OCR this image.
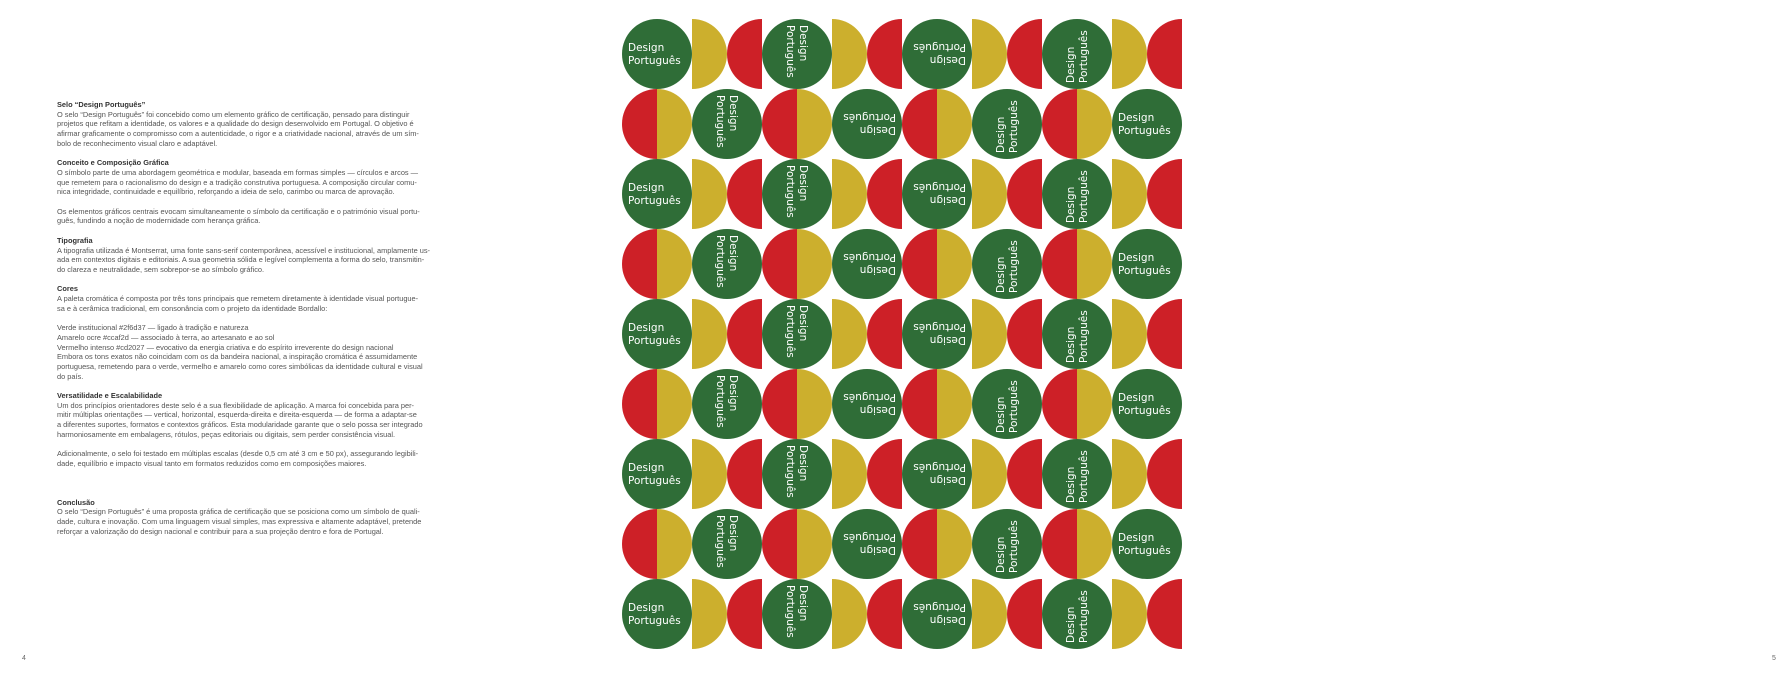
Selo “Design Português”

O selo “Design Português” foi concebido como um elemento gráfico de certificação, pensado para distinguir
projetos que refitam a identidade, os valores e a qualidade do design desenvolvido em Portugal. O objetivo é
afirmar graficamente o compromisso com a autenticidade, o rigor e a criatividade nacional, através de um sím-
bolo de reconhecimento visual claro e adaptável.

Conceito e Composição Gráfica

O símbolo parte de uma abordagem geométrica e modular, baseada em formas simples — círculos e arcos —
que remetem para o racionalismo do design e a tradição construtiva portuguesa. A composição circular comu-
nica integridade, continuidade e equilíbrio, reforçando a ideia de selo, carimbo ou marca de aprovação.

Os elementos gráficos centrais evocam simultaneamente o símbolo da certificação e o património visual portu-
guês, fundindo a noção de modernidade com herança gráfica.

Tipografia

A tipografia utilizada é Montserrat, uma fonte sans-serif contemporânea, acessível e institucional, amplamente us-
ada em contextos digitais e editoriais. A sua geometria sólida e legível complementa a forma do selo, transmitin-
do clareza e neutralidade, sem sobrepor-se ao símbolo gráfico.

Cores

A paleta cromática é composta por três tons principais que remetem diretamente à identidade visual portugue-
sa e à cerâmica tradicional, em consonância com o projeto da identidade Bordallo:

Verde institucional #2f6d37 — ligado à tradição e natureza
Amarelo ocre #ccaf2d — associado à terra, ao artesanato e ao sol
Vermelho intenso #cd2027 — evocativo da energia criativa e do espírito irreverente do design nacional
Embora os tons exatos não coincidam com os da bandeira nacional, a inspiração cromática é assumidamente
portuguesa, remetendo para o verde, vermelho e amarelo como cores simbólicas da identidade cultural e visual
do país.

Versatilidade e Escalabilidade

Um dos princípios orientadores deste selo é a sua flexibilidade de aplicação. A marca foi concebida para per-
mitir múltiplas orientações — vertical, horizontal, esquerda-direita e direita-esquerda — de forma a adaptar-se
a diferentes suportes, formatos e contextos gráficos. Esta modularidade garante que o selo possa ser integrado
harmoniosamente em embalagens, rótulos, peças editoriais ou digitais, sem perder consistência visual.

Adicionalmente, o selo foi testado em múltiplas escalas (desde 0,5 cm até 3 cm e 50 px), assegurando legibili-
dade, equilíbrio e impacto visual tanto em formatos reduzidos como em composições maiores.

Conclusão

O selo “Design Português” é uma proposta gráfica de certificação que se posiciona como um símbolo de quali-
dade, cultura e inovação. Com uma linguagem visual simples, mas expressiva e altamente adaptável, pretende
reforçar a valorização do design nacional e contribuir para a sua projeção dentro e fora de Portugal.

4
Design Português	DesignPortuguês	DesignPortuguês	DesignPortuguês
DesignPortuguês	DesignPortuguês	DesignPortuguês	Design Português
Design Português	DesignPortuguês	DesignPortuguês	DesignPortuguês
DesignPortuguês	DesignPortuguês	DesignPortuguês	Design Português
Design Português	DesignPortuguês	DesignPortuguês	DesignPortuguês
DesignPortuguês	DesignPortuguês	DesignPortuguês	Design Português
Design Português	DesignPortuguês	DesignPortuguês	DesignPortuguês
DesignPortuguês	DesignPortuguês	DesignPortuguês	Design Português
Design Português	DesignPortuguês	DesignPortuguês	DesignPortuguês
5
